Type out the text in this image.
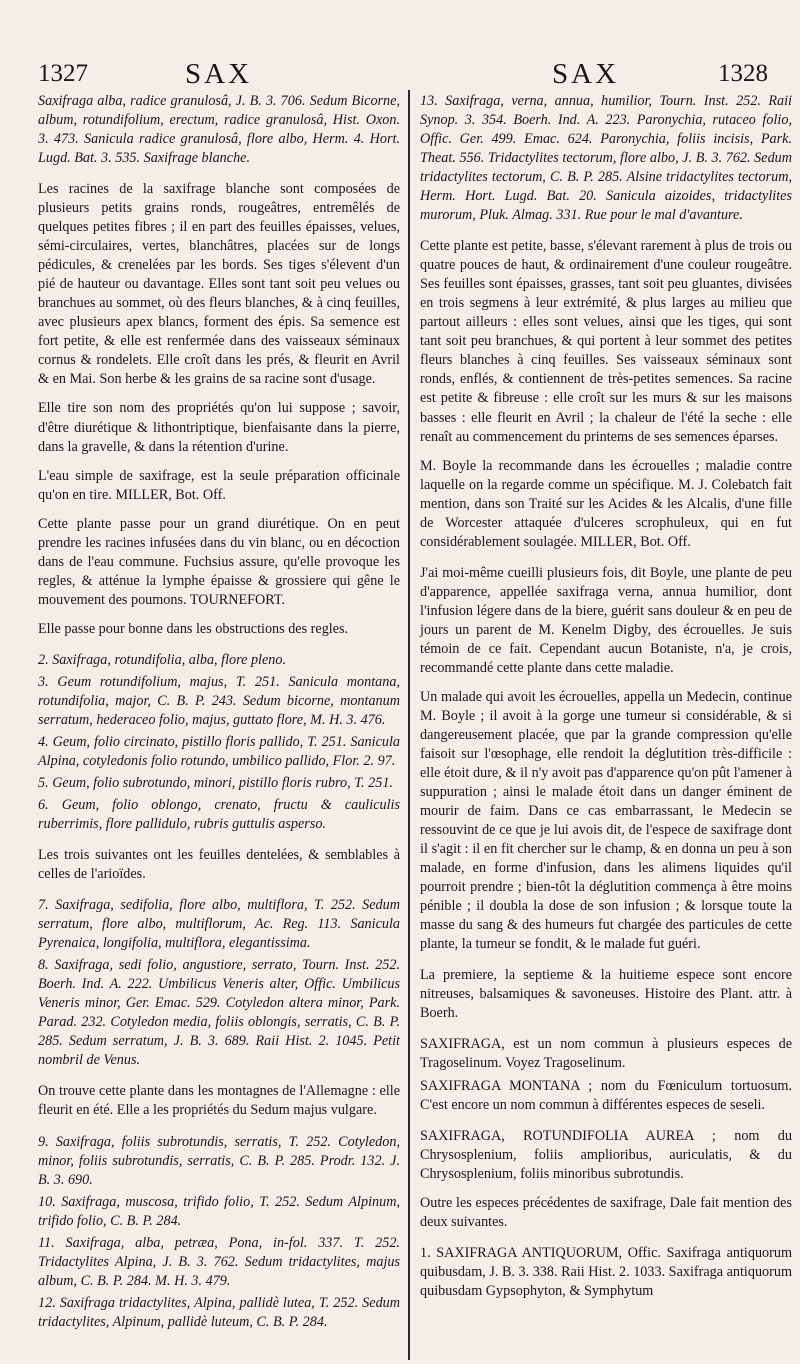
1327	SAX	SAX	1328

Saxifraga alba, radice granulosâ, J. B. 3. 706. Sedum Bicorne, album, rotundifolium, erectum, radice granulosâ, Hist. Oxon. 3. 473. Sanicula radice granulosâ, flore albo, Herm. 4. Hort. Lugd. Bat. 3. 535. Saxifrage blanche.

Les racines de la saxifrage blanche sont composées de plusieurs petits grains ronds, rougeâtres, entremêlés de quelques petites fibres ; il en part des feuilles épaisses, velues, sémi-circulaires, vertes, blanchâtres, placées sur de longs pédicules, & crenelées par les bords. Ses tiges s'élevent d'un pié de hauteur ou davantage. Elles sont tant soit peu velues ou branchues au sommet, où des fleurs blanches, & à cinq feuilles, avec plusieurs apex blancs, forment des épis. Sa semence est fort petite, & elle est renfermée dans des vaisseaux séminaux cornus & rondelets. Elle croît dans les prés, & fleurit en Avril & en Mai. Son herbe & les grains de sa racine sont d'usage.

Elle tire son nom des propriétés qu'on lui suppose ; savoir, d'être diurétique & lithontriptique, bienfaisante dans la pierre, dans la gravelle, & dans la rétention d'urine.

L'eau simple de saxifrage, est la seule préparation officinale qu'on en tire. MILLER, Bot. Off.

Cette plante passe pour un grand diurétique. On en peut prendre les racines infusées dans du vin blanc, ou en décoction dans de l'eau commune. Fuchsius assure, qu'elle provoque les regles, & atténue la lymphe épaisse & grossiere qui gêne le mouvement des poumons. TOURNEFORT.

Elle passe pour bonne dans les obstructions des regles.

2. Saxifraga, rotundifolia, alba, flore pleno.

3. Geum rotundifolium, majus, T. 251. Sanicula montana, rotundifolia, major, C. B. P. 243. Sedum bicorne, montanum serratum, hederaceo folio, majus, guttato flore, M. H. 3. 476.

4. Geum, folio circinato, pistillo floris pallido, T. 251. Sanicula Alpina, cotyledonis folio rotundo, umbilico pallido, Flor. 2. 97.

5. Geum, folio subrotundo, minori, pistillo floris rubro, T. 251.

6. Geum, folio oblongo, crenato, fructu & cauliculis ruberrimis, flore pallidulo, rubris guttulis asperso.

Les trois suivantes ont les feuilles dentelées, & semblables à celles de l'arioïdes.

7. Saxifraga, sedifolia, flore albo, multiflora, T. 252. Sedum serratum, flore albo, multiflorum, Ac. Reg. 113. Sanicula Pyrenaica, longifolia, multiflora, elegantissima.

8. Saxifraga, sedi folio, angustiore, serrato, Tourn. Inst. 252. Boerh. Ind. A. 222. Umbilicus Veneris alter, Offic. Umbilicus Veneris minor, Ger. Emac. 529. Cotyledon altera minor, Park. Parad. 232. Cotyledon media, foliis oblongis, serratis, C. B. P. 285. Sedum serratum, J. B. 3. 689. Raii Hist. 2. 1045. Petit nombril de Venus.

On trouve cette plante dans les montagnes de l'Allemagne : elle fleurit en été. Elle a les propriétés du Sedum majus vulgare.

9. Saxifraga, foliis subrotundis, serratis, T. 252. Cotyledon, minor, foliis subrotundis, serratis, C. B. P. 285. Prodr. 132. J. B. 3. 690.

10. Saxifraga, muscosa, trifido folio, T. 252. Sedum Alpinum, trifido folio, C. B. P. 284.

11. Saxifraga, alba, petræa, Pona, in-fol. 337. T. 252. Tridactylites Alpina, J. B. 3. 762. Sedum tridactylites, majus album, C. B. P. 284. M. H. 3. 479.

12. Saxifraga tridactylites, Alpina, pallidè lutea, T. 252. Sedum tridactylites, Alpinum, pallidè luteum, C. B. P. 284.

13. Saxifraga, verna, annua, humilior, Tourn. Inst. 252. Raii Synop. 3. 354. Boerh. Ind. A. 223. Paronychia, rutaceo folio, Offic. Ger. 499. Emac. 624. Paronychia, foliis incisis, Park. Theat. 556. Tridactylites tectorum, flore albo, J. B. 3. 762. Sedum tridactylites tectorum, C. B. P. 285. Alsine tridactylites tectorum, Herm. Hort. Lugd. Bat. 20. Sanicula aizoides, tridactylites murorum, Pluk. Almag. 331. Rue pour le mal d'avanture.

Cette plante est petite, basse, s'élevant rarement à plus de trois ou quatre pouces de haut, & ordinairement d'une couleur rougeâtre. Ses feuilles sont épaisses, grasses, tant soit peu gluantes, divisées en trois segmens à leur extrémité, & plus larges au milieu que partout ailleurs : elles sont velues, ainsi que les tiges, qui sont tant soit peu branchues, & qui portent à leur sommet des petites fleurs blanches à cinq feuilles. Ses vaisseaux séminaux sont ronds, enflés, & contiennent de très-petites semences. Sa racine est petite & fibreuse : elle croît sur les murs & sur les maisons basses : elle fleurit en Avril ; la chaleur de l'été la seche : elle renaît au commencement du printems de ses semences éparses.

M. Boyle la recommande dans les écrouelles ; maladie contre laquelle on la regarde comme un spécifique. M. J. Colebatch fait mention, dans son Traité sur les Acides & les Alcalis, d'une fille de Worcester attaquée d'ulceres scrophuleux, qui en fut considérablement soulagée. MILLER, Bot. Off.

J'ai moi-même cueilli plusieurs fois, dit Boyle, une plante de peu d'apparence, appellée saxifraga verna, annua humilior, dont l'infusion légere dans de la biere, guérit sans douleur & en peu de jours un parent de M. Kenelm Digby, des écrouelles. Je suis témoin de ce fait. Cependant aucun Botaniste, n'a, je crois, recommandé cette plante dans cette maladie.

Un malade qui avoit les écrouelles, appella un Medecin, continue M. Boyle ; il avoit à la gorge une tumeur si considérable, & si dangereusement placée, que par la grande compression qu'elle faisoit sur l'œsophage, elle rendoit la déglutition très-difficile : elle étoit dure, & il n'y avoit pas d'apparence qu'on pût l'amener à suppuration ; ainsi le malade étoit dans un danger éminent de mourir de faim. Dans ce cas embarrassant, le Medecin se ressouvint de ce que je lui avois dit, de l'espece de saxifrage dont il s'agit : il en fit chercher sur le champ, & en donna un peu à son malade, en forme d'infusion, dans les alimens liquides qu'il pourroit prendre ; bien-tôt la déglutition commença à être moins pénible ; il doubla la dose de son infusion ; & lorsque toute la masse du sang & des humeurs fut chargée des particules de cette plante, la tumeur se fondit, & le malade fut guéri.

La premiere, la septieme & la huitieme espece sont encore nitreuses, balsamiques & savoneuses. Histoire des Plant. attr. à Boerh.

SAXIFRAGA, est un nom commun à plusieurs especes de Tragoselinum. Voyez Tragoselinum.

SAXIFRAGA MONTANA ; nom du Fœniculum tortuosum. C'est encore un nom commun à différentes especes de seseli.

SAXIFRAGA, ROTUNDIFOLIA AUREA ; nom du Chrysosplenium, foliis amplioribus, auriculatis, & du Chrysosplenium, foliis minoribus subrotundis.

Outre les especes précédentes de saxifrage, Dale fait mention des deux suivantes.

1. SAXIFRAGA ANTIQUORUM, Offic. Saxifraga antiquorum quibusdam, J. B. 3. 338. Raii Hist. 2. 1033. Saxifraga antiquorum quibusdam Gypsophyton, & Symphytum
